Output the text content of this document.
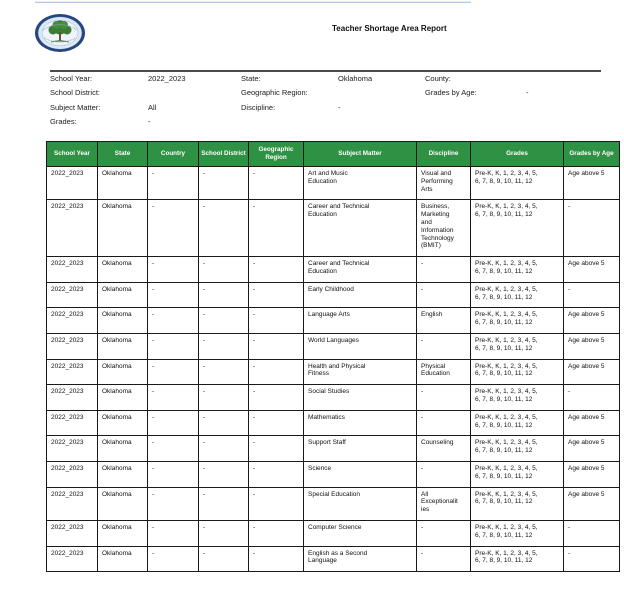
Teacher Shortage Area Report
School Year:	2022_2023	State:	Oklahoma	County:
School District:	Geographic Region:	Grades by Age:	-
Subject Matter:	All	Discipline:	-
Grades:	-
School Year	State	Country	School District	Geographic Region	Subject Matter	Discipline	Grades	Grades by Age

2022_2023	Oklahoma	-	-	-	Art and Music Education	Visual and Performing Arts	Pre-K, K, 1, 2, 3, 4, 5, 6, 7, 8, 9, 10, 11, 12	Age above 5

2022_2023	Oklahoma	-	-	-	Career and Technical Education	Business, Marketing and Information Technology (BMIT)	Pre-K, K, 1, 2, 3, 4, 5, 6, 7, 8, 9, 10, 11, 12	-

2022_2023	Oklahoma	-	-	-	Career and Technical Education	-	Pre-K, K, 1, 2, 3, 4, 5, 6, 7, 8, 9, 10, 11, 12	Age above 5

2022_2023	Oklahoma	-	-	-	Early Childhood	-	Pre-K, K, 1, 2, 3, 4, 5, 6, 7, 8, 9, 10, 11, 12	-

2022_2023	Oklahoma	-	-	-	Language Arts	English	Pre-K, K, 1, 2, 3, 4, 5, 6, 7, 8, 9, 10, 11, 12	Age above 5

2022_2023	Oklahoma	-	-	-	World Languages	-	Pre-K, K, 1, 2, 3, 4, 5, 6, 7, 8, 9, 10, 11, 12	Age above 5

2022_2023	Oklahoma	-	-	-	Health and Physical Fitness	Physical Education	Pre-K, K, 1, 2, 3, 4, 5, 6, 7, 8, 9, 10, 11, 12	Age above 5

2022_2023	Oklahoma	-	-	-	Social Studies	-	Pre-K, K, 1, 2, 3, 4, 5, 6, 7, 8, 9, 10, 11, 12	-

2022_2023	Oklahoma	-	-	-	Mathematics	-	Pre-K, K, 1, 2, 3, 4, 5, 6, 7, 8, 9, 10, 11, 12	Age above 5

2022_2023	Oklahoma	-	-	-	Support Staff	Counseling	Pre-K, K, 1, 2, 3, 4, 5, 6, 7, 8, 9, 10, 11, 12	Age above 5

2022_2023	Oklahoma	-	-	-	Science	-	Pre-K, K, 1, 2, 3, 4, 5, 6, 7, 8, 9, 10, 11, 12	Age above 5

2022_2023	Oklahoma	-	-	-	Special Education	All Exceptionalities	Pre-K, K, 1, 2, 3, 4, 5, 6, 7, 8, 9, 10, 11, 12	Age above 5

2022_2023	Oklahoma	-	-	-	Computer Science	-	Pre-K, K, 1, 2, 3, 4, 5, 6, 7, 8, 9, 10, 11, 12	-

2022_2023	Oklahoma	-	-	-	English as a Second Language	-	Pre-K, K, 1, 2, 3, 4, 5, 6, 7, 8, 9, 10, 11, 12	-
